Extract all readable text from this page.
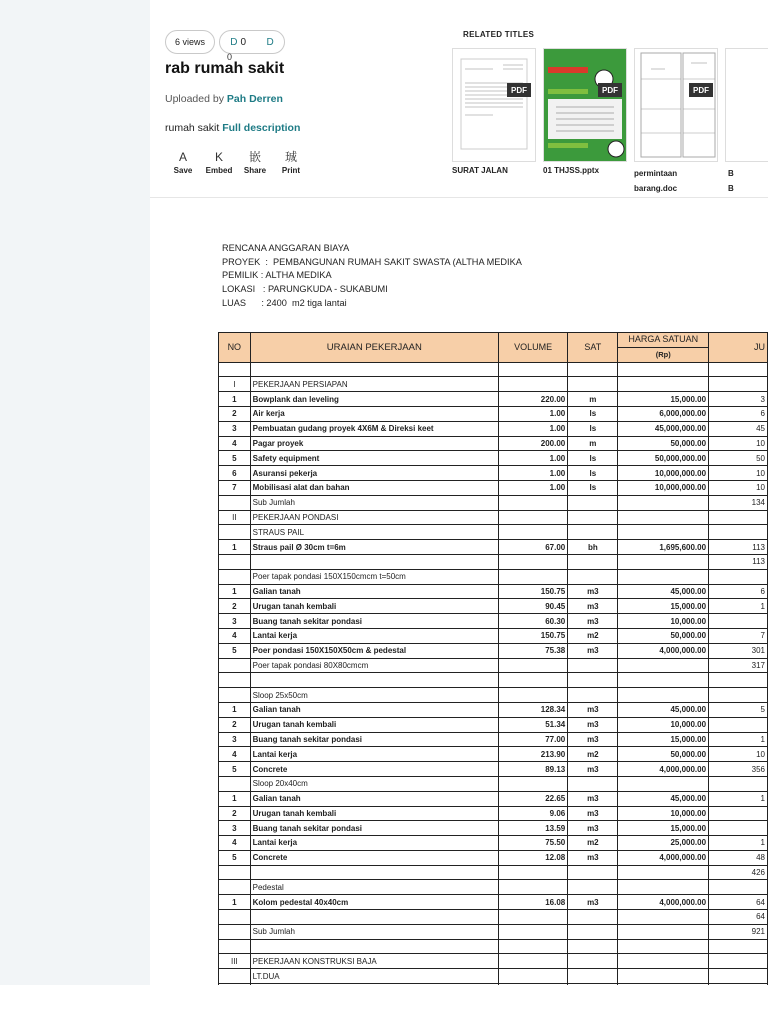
6 views	D 0 D
0
rab rumah sakit
Uploaded by Pah Derren
rumah sakit Full description
A
Save
K
Embed
嵌
Share
珹
Print
RELATED TITLES
PDF
SURAT JALAN
PDF
01 THJSS.pptx
PDF
permintaan
barang.doc
B
B
RENCANA ANGGARAN BIAYA
PROYEK  :  PEMBANGUNAN RUMAH SAKIT SWASTA (ALTHA MEDIKA
PEMILIK : ALTHA MEDIKA
LOKASI   : PARUNGKUDA - SUKABUMI
LUAS      : 2400  m2 tiga lantai
NO	URAIAN PEKERJAAN	VOLUME	SAT	HARGA SATUAN	JU
				(Rp)	

I	PEKERJAAN PERSIAPAN				
1	Bowplank dan leveling	220.00	m	15,000.00	3
2	Air kerja	1.00	ls	6,000,000.00	6
3	Pembuatan gudang proyek 4X6M & Direksi keet	1.00	ls	45,000,000.00	45
4	Pagar proyek	200.00	m	50,000.00	10
5	Safety equipment	1.00	ls	50,000,000.00	50
6	Asuransi pekerja	1.00	ls	10,000,000.00	10
7	Mobilisasi alat dan bahan	1.00	ls	10,000,000.00	10
	Sub Jumlah				134
II	PEKERJAAN PONDASI				
	STRAUS PAIL				
1	Straus pail Ø 30cm t=6m	67.00	bh	1,695,600.00	113
					113
	Poer tapak pondasi 150X150cmcm t=50cm				
1	Galian tanah	150.75	m3	45,000.00	6
2	Urugan tanah kembali	90.45	m3	15,000.00	1
3	Buang tanah sekitar pondasi	60.30	m3	10,000.00	
4	Lantai kerja	150.75	m2	50,000.00	7
5	Poer pondasi 150X150X50cm & pedestal	75.38	m3	4,000,000.00	301
	Poer tapak pondasi 80X80cmcm				317

	Sloop 25x50cm				
1	Galian tanah	128.34	m3	45,000.00	5
2	Urugan tanah kembali	51.34	m3	10,000.00	
3	Buang tanah sekitar pondasi	77.00	m3	15,000.00	1
4	Lantai kerja	213.90	m2	50,000.00	10
5	Concrete	89.13	m3	4,000,000.00	356
	Sloop 20x40cm				
1	Galian tanah	22.65	m3	45,000.00	1
2	Urugan tanah kembali	9.06	m3	10,000.00	
3	Buang tanah sekitar pondasi	13.59	m3	15,000.00	
4	Lantai kerja	75.50	m2	25,000.00	1
5	Concrete	12.08	m3	4,000,000.00	48
					426
	Pedestal				
1	Kolom pedestal 40x40cm	16.08	m3	4,000,000.00	64
					64
	Sub Jumlah				921

III	PEKERJAAN KONSTRUKSI BAJA				
	LT.DUA				
